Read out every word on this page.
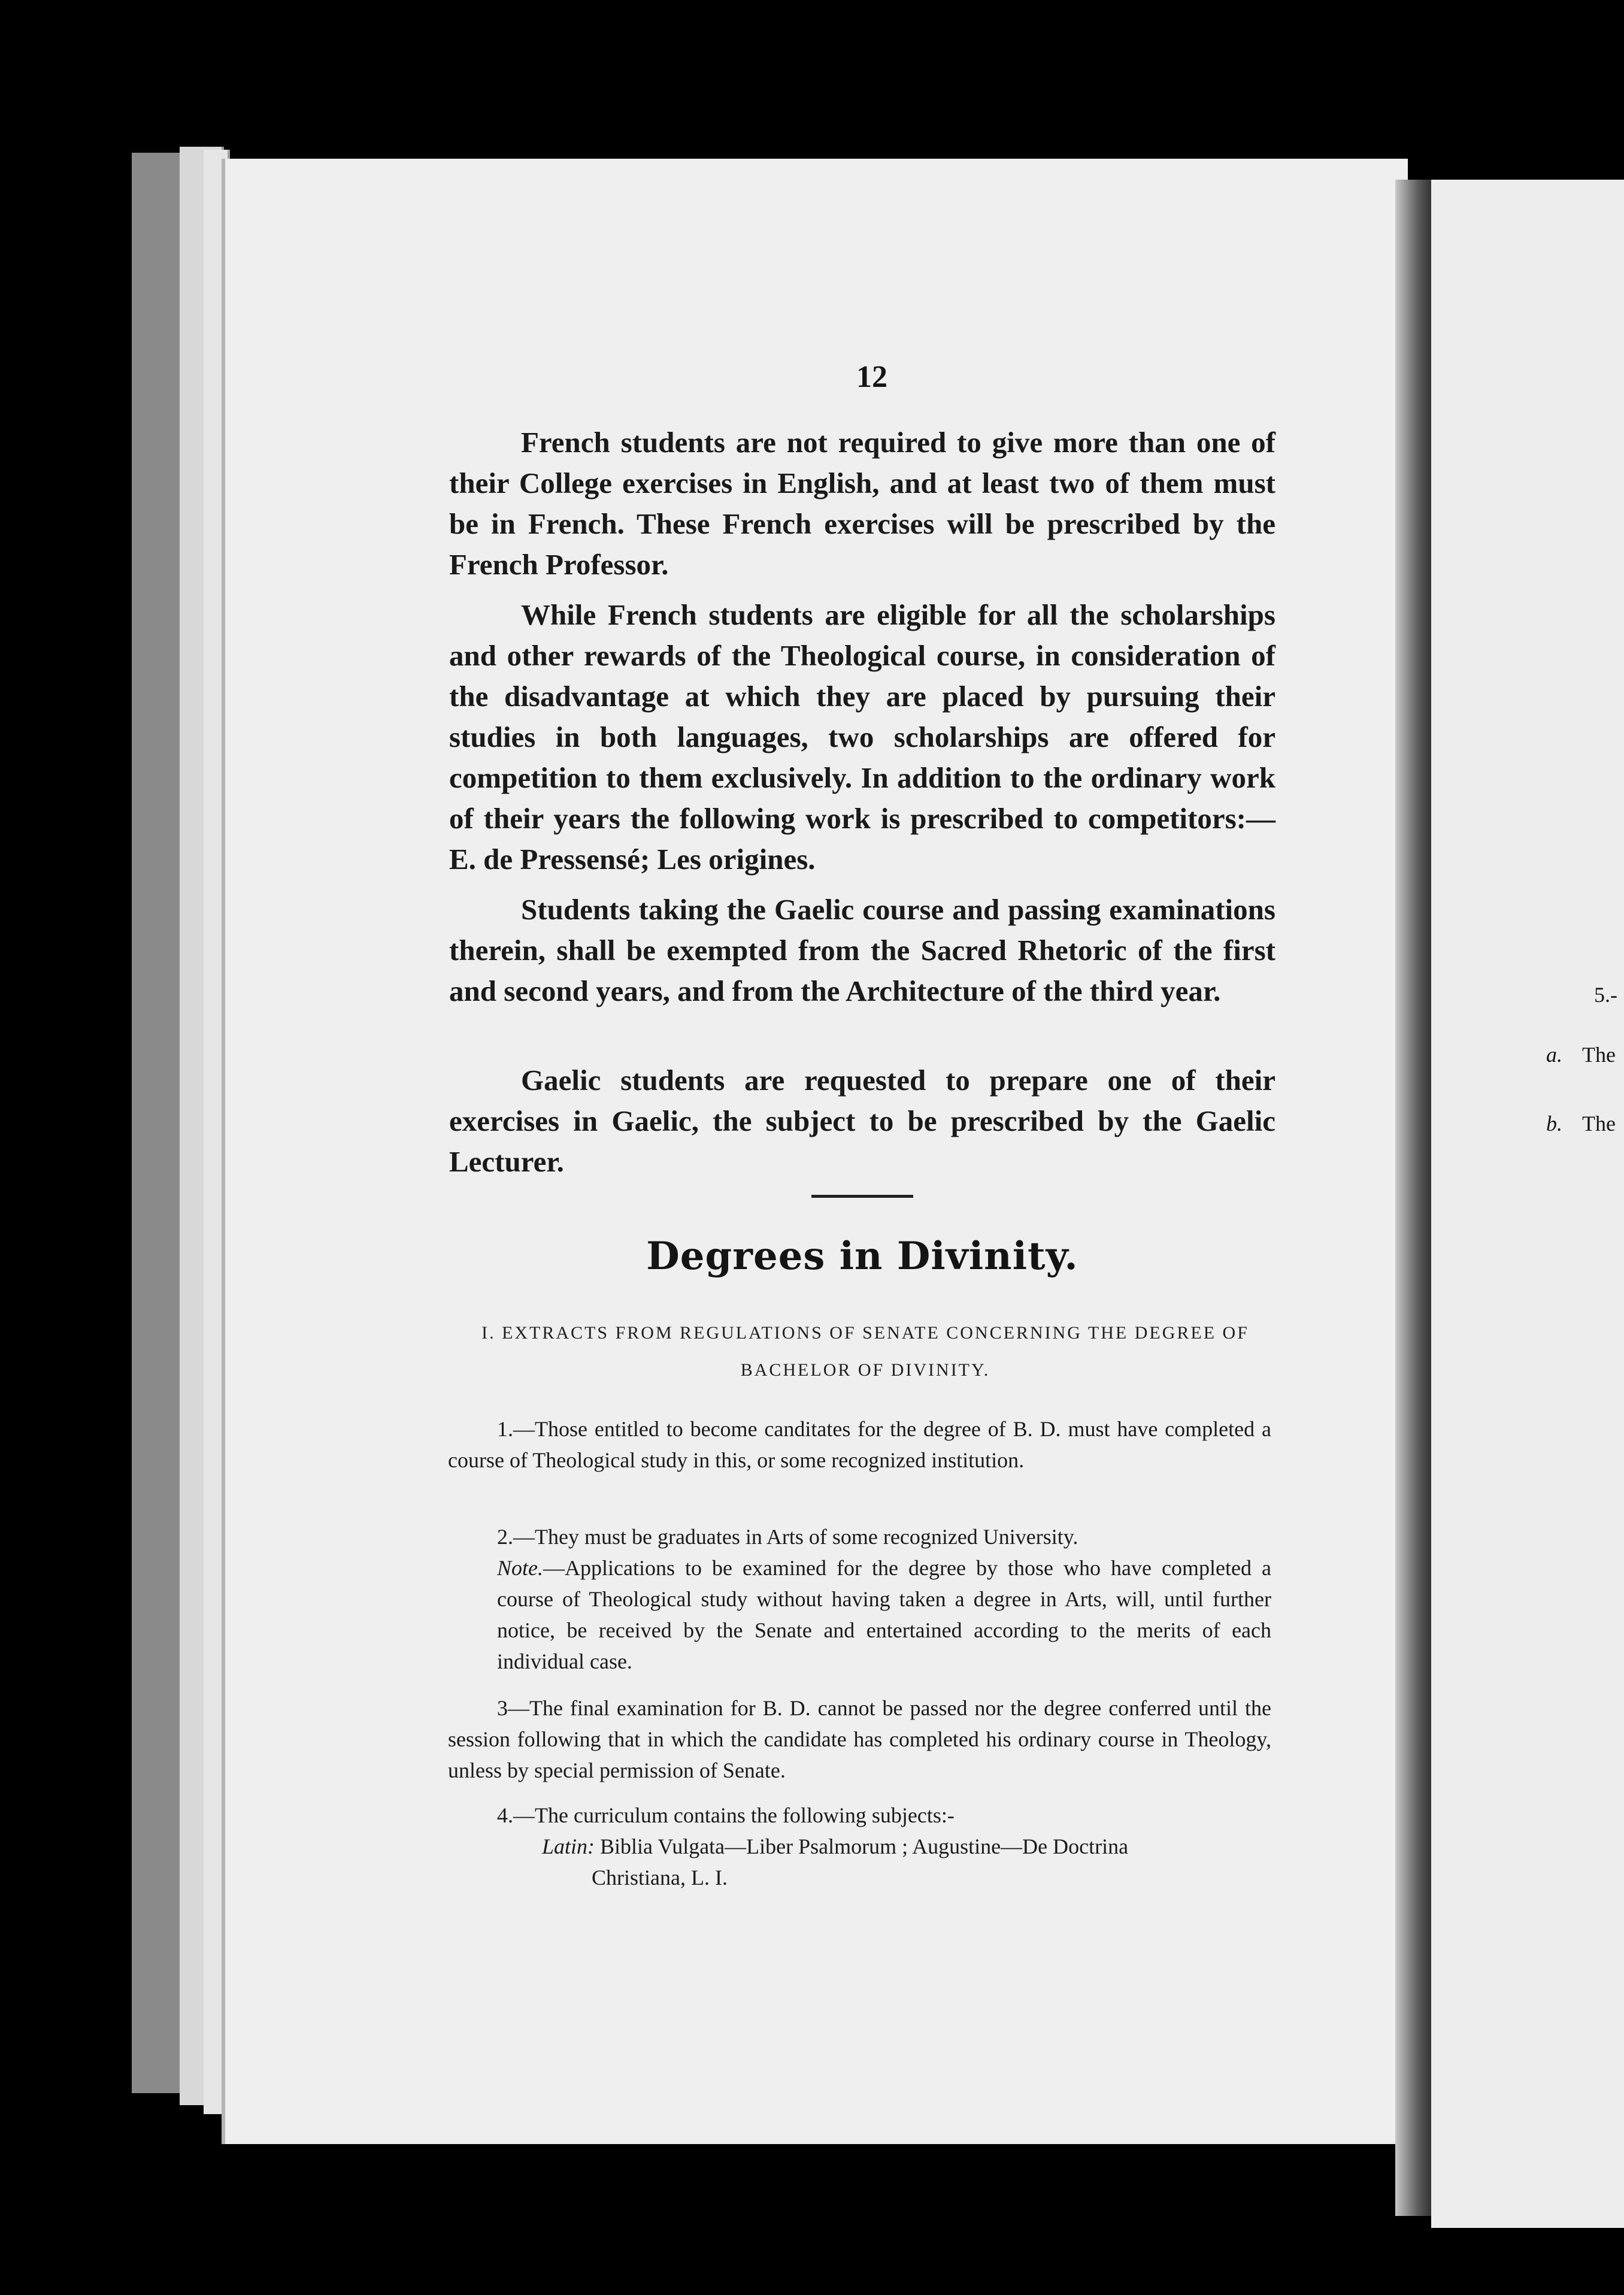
5.-
a. The
b. The
12

French students are not required to give more than one of their College exercises in English, and at least two of them must be in French. These French exercises will be prescribed by the French Professor.

While French students are eligible for all the scholarships and other rewards of the Theological course, in consideration of the disadvantage at which they are placed by pursuing their studies in both languages, two scholarships are offered for competition to them exclusively. In addition to the ordinary work of their years the following work is prescribed to competitors:—E. de Pressensé; Les origines.

Students taking the Gaelic course and passing examinations therein, shall be exempted from the Sacred Rhetoric of the first and second years, and from the Architecture of the third year.

Gaelic students are requested to prepare one of their exercises in Gaelic, the subject to be prescribed by the Gaelic Lecturer.

Degrees in Divinity.
I. EXTRACTS FROM REGULATIONS OF SENATE CONCERNING THE DEGREE OF BACHELOR OF DIVINITY.

1.—Those entitled to become canditates for the degree of B. D. must have completed a course of Theological study in this, or some recognized institution.

2.—They must be graduates in Arts of some recognized University.

Note.—Applications to be examined for the degree by those who have completed a course of Theological study without having taken a degree in Arts, will, until further notice, be received by the Senate and entertained according to the merits of each individual case.

3—The final examination for B. D. cannot be passed nor the degree conferred until the session following that in which the candidate has completed his ordinary course in Theology, unless by special permission of Senate.

4.—The curriculum contains the following subjects:-

Latin: Biblia Vulgata—Liber Psalmorum ; Augustine—De Doctrina

Christiana, L. I.
